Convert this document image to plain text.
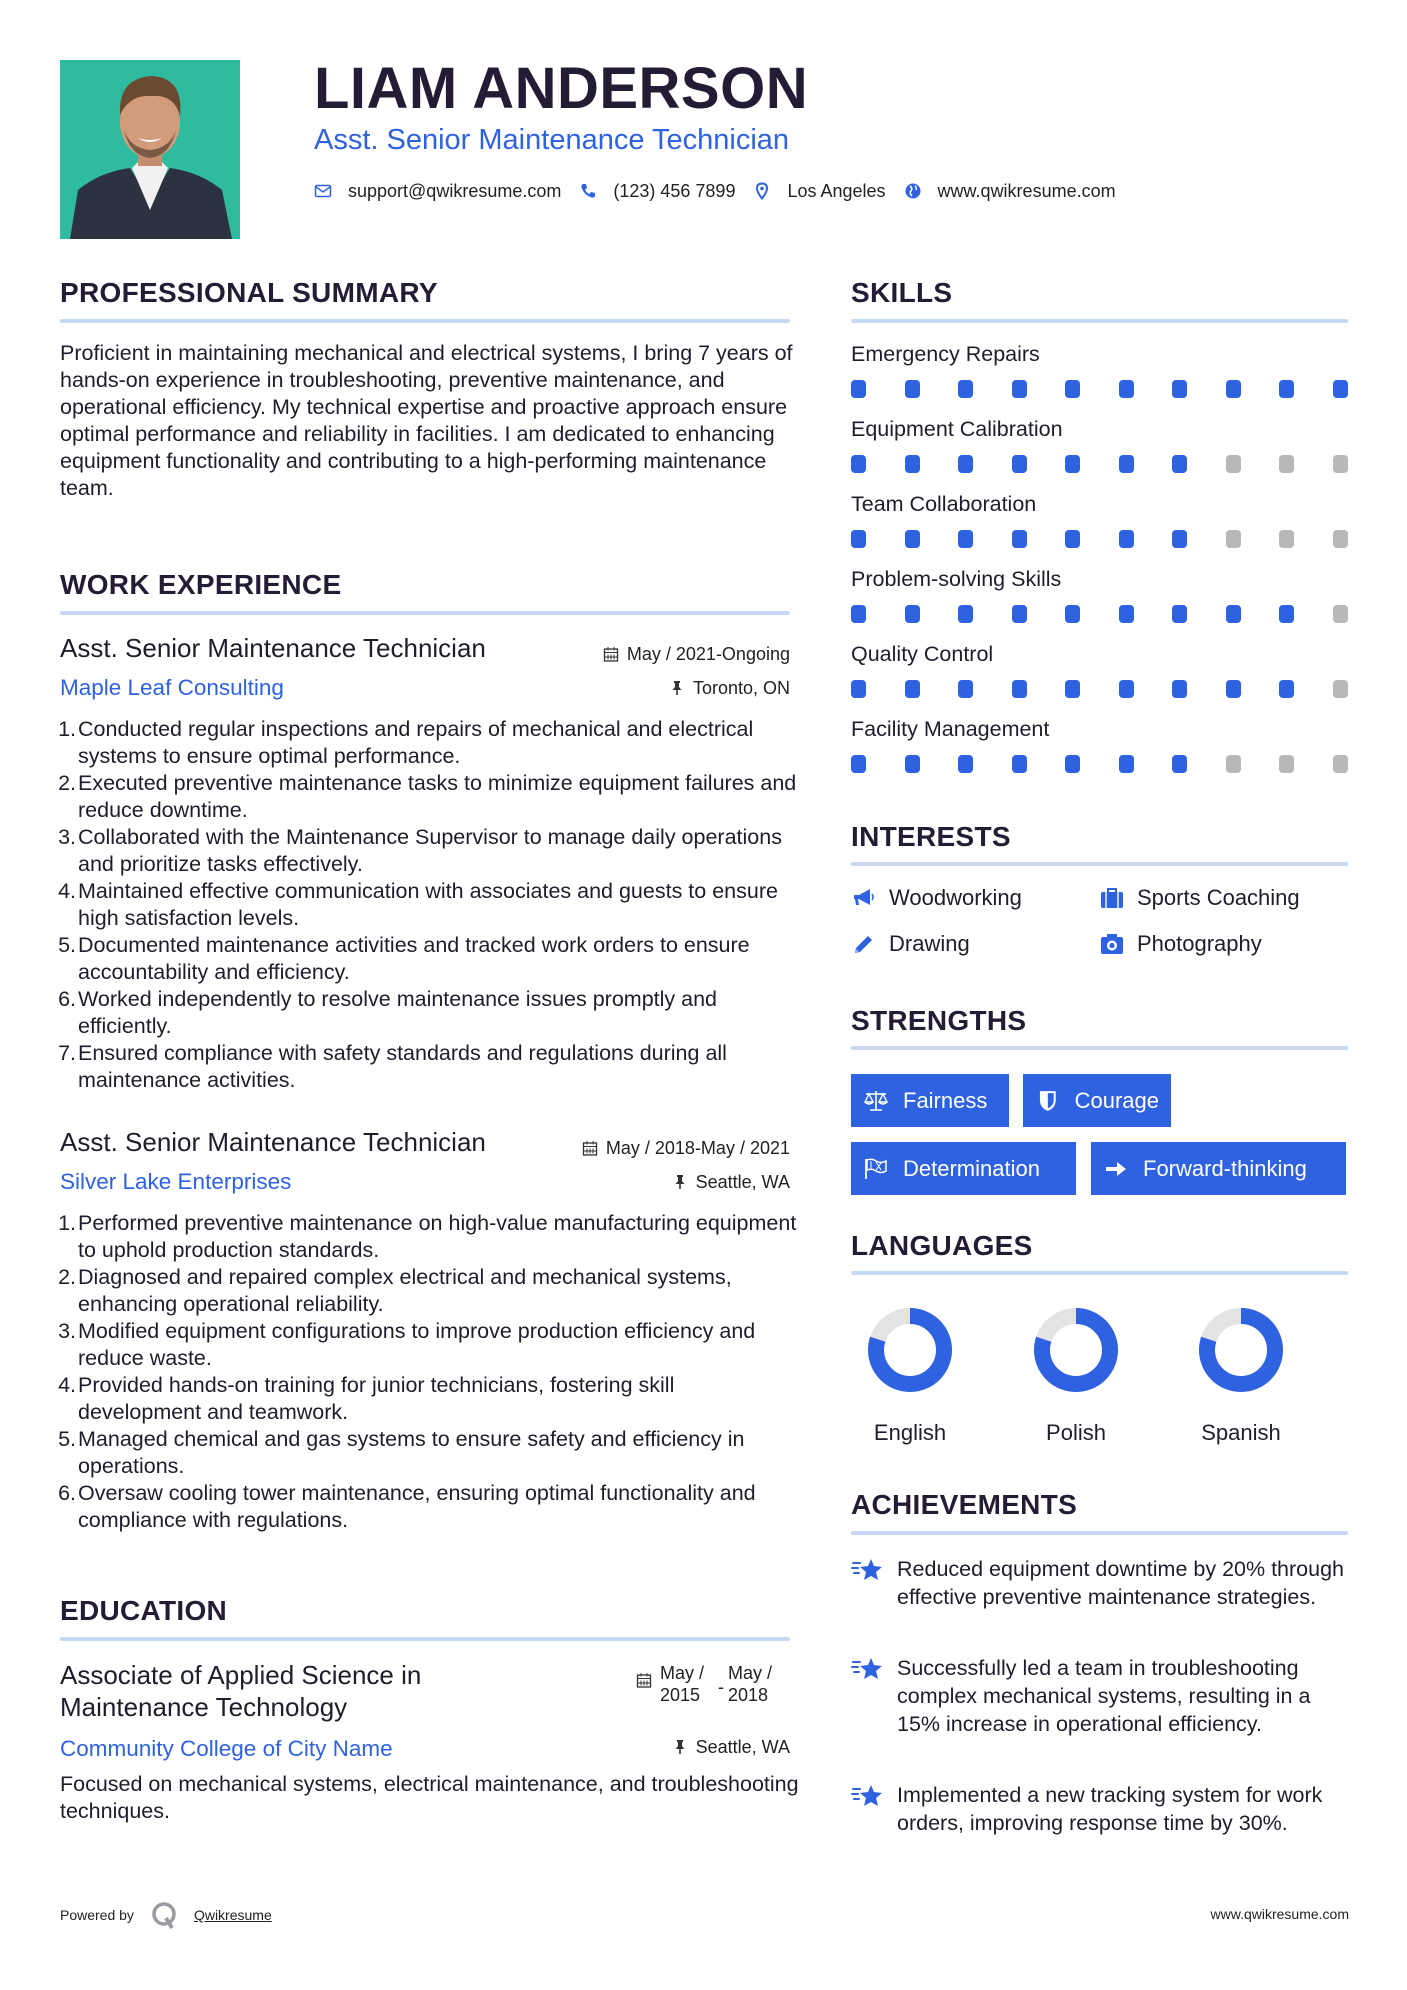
LIAM ANDERSON
Asst. Senior Maintenance Technician
support@qwikresume.com	(123) 456 7899	Los Angeles	www.qwikresume.com
PROFESSIONAL SUMMARY
Proficient in maintaining mechanical and electrical systems, I bring 7 years of hands-on experience in troubleshooting, preventive maintenance, and operational efficiency. My technical expertise and proactive approach ensure optimal performance and reliability in facilities. I am dedicated to enhancing equipment functionality and contributing to a high-performing maintenance team.
WORK EXPERIENCE
Asst. Senior Maintenance Technician	May / 2021-Ongoing
Maple Leaf Consulting	Toronto, ON
1. Conducted regular inspections and repairs of mechanical and electrical systems to ensure optimal performance.
2. Executed preventive maintenance tasks to minimize equipment failures and reduce downtime.
3. Collaborated with the Maintenance Supervisor to manage daily operations and prioritize tasks effectively.
4. Maintained effective communication with associates and guests to ensure high satisfaction levels.
5. Documented maintenance activities and tracked work orders to ensure accountability and efficiency.
6. Worked independently to resolve maintenance issues promptly and efficiently.
7. Ensured compliance with safety standards and regulations during all maintenance activities.
Asst. Senior Maintenance Technician	May / 2018-May / 2021
Silver Lake Enterprises	Seattle, WA
1. Performed preventive maintenance on high-value manufacturing equipment to uphold production standards.
2. Diagnosed and repaired complex electrical and mechanical systems, enhancing operational reliability.
3. Modified equipment configurations to improve production efficiency and reduce waste.
4. Provided hands-on training for junior technicians, fostering skill development and teamwork.
5. Managed chemical and gas systems to ensure safety and efficiency in operations.
6. Oversaw cooling tower maintenance, ensuring optimal functionality and compliance with regulations.
EDUCATION
Associate of Applied Science in
Maintenance Technology
May /
2015 -
May /
2018
Community College of City Name	Seattle, WA
Focused on mechanical systems, electrical maintenance, and troubleshooting techniques.
SKILLS
Emergency Repairs
Equipment Calibration
Team Collaboration
Problem-solving Skills
Quality Control
Facility Management
INTERESTS
Woodworking	Sports Coaching
Drawing	Photography
STRENGTHS
Fairness	Courage
Determination	Forward-thinking
LANGUAGES
English	Polish	Spanish
ACHIEVEMENTS
Reduced equipment downtime by 20% through effective preventive maintenance strategies.
Successfully led a team in troubleshooting complex mechanical systems, resulting in a 15% increase in operational efficiency.
Implemented a new tracking system for work orders, improving response time by 30%.
Powered by	Qwikresume	www.qwikresume.com
